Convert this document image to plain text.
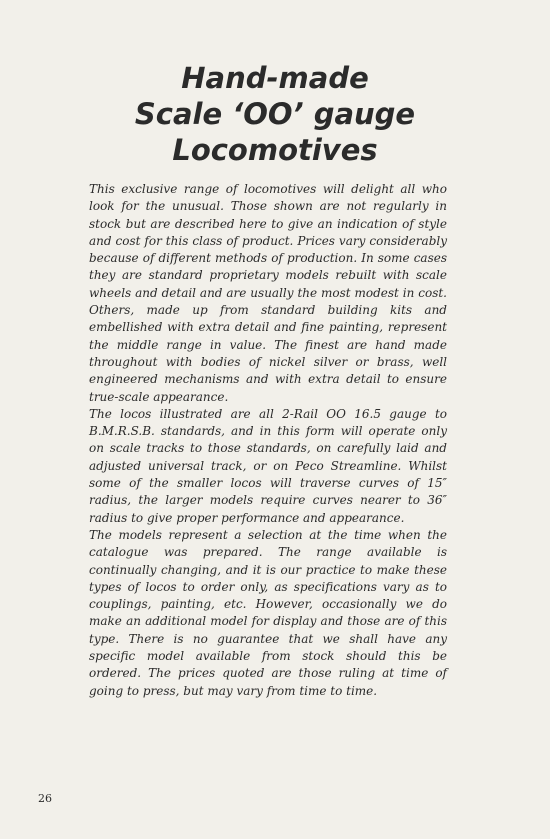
Hand-made
Scale ‘OO’ gauge
Locomotives

This exclusive range of locomotives will delight all who look for the unusual. Those shown are not regularly in stock but are described here to give an indication of style and cost for this class of product. Prices vary considerably because of different methods of production. In some cases they are standard proprietary models rebuilt with scale wheels and detail and are usually the most modest in cost. Others, made up from standard building kits and embellished with extra detail and fine painting, represent the middle range in value. The finest are hand made throughout with bodies of nickel silver or brass, well engineered mechanisms and with extra detail to ensure true-scale appearance.

The locos illustrated are all 2-Rail OO 16.5 gauge to B.M.R.S.B. standards, and in this form will operate only on scale tracks to those standards, on carefully laid and adjusted universal track, or on Peco Streamline. Whilst some of the smaller locos will traverse curves of 15″ radius, the larger models require curves nearer to 36″ radius to give proper performance and appearance.

The models represent a selection at the time when the catalogue was prepared. The range available is continually changing, and it is our practice to make these types of locos to order only, as specifications vary as to couplings, painting, etc. However, occasionally we do make an additional model for display and those are of this type. There is no guarantee that we shall have any specific model available from stock should this be ordered. The prices quoted are those ruling at time of going to press, but may vary from time to time.

26
